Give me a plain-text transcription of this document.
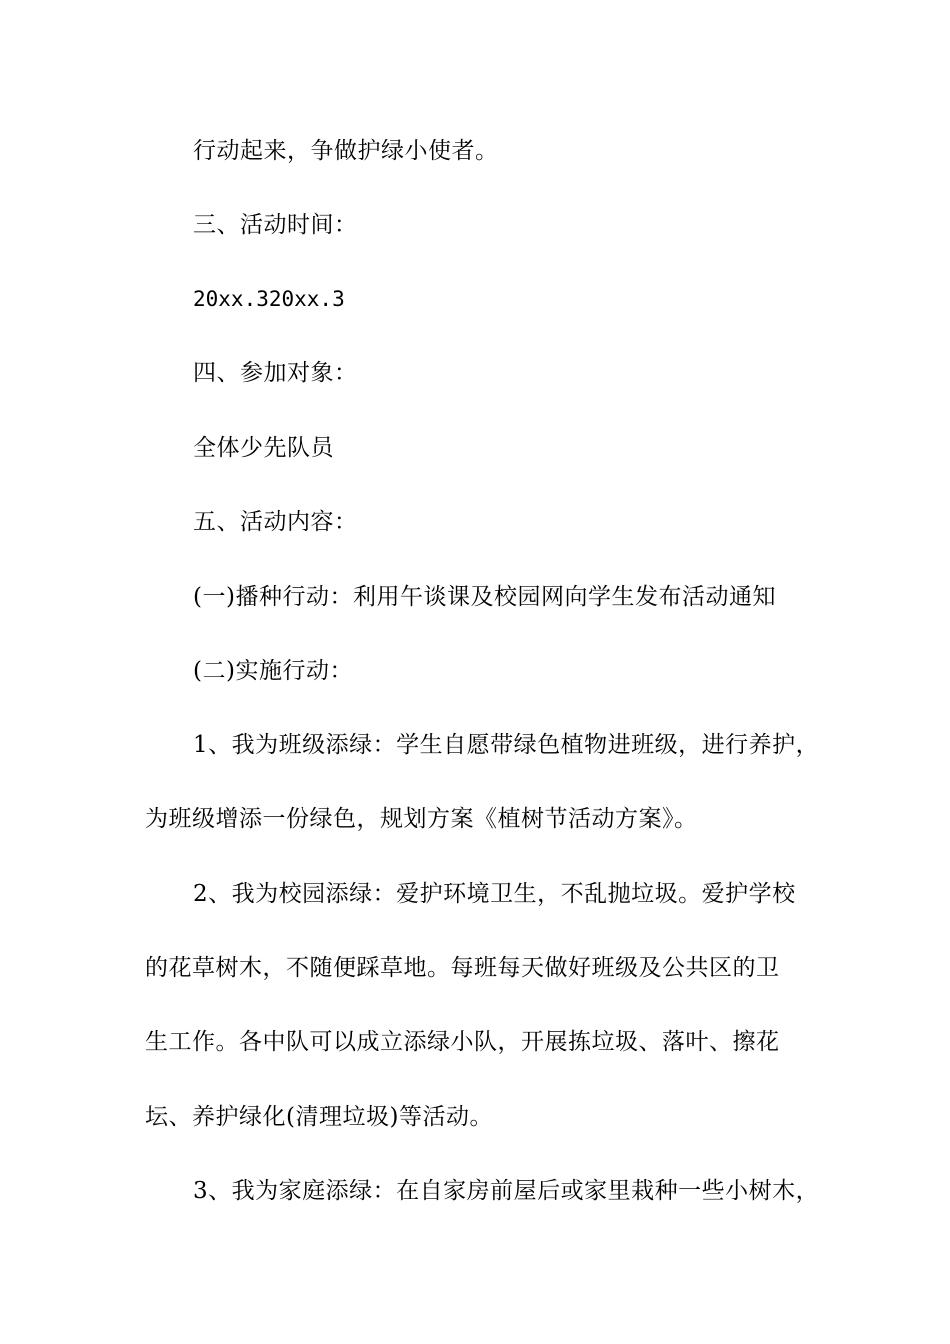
行动起来，争做护绿小使者。
三、活动时间：
20xx.320xx.3
四、参加对象：
全体少先队员
五、活动内容：
(一)播种行动：利用午谈课及校园网向学生发布活动通知
(二)实施行动：
1、我为班级添绿：学生自愿带绿色植物进班级，进行养护，
为班级增添一份绿色，规划方案《植树节活动方案》。
2、我为校园添绿：爱护环境卫生，不乱抛垃圾。爱护学校
的花草树木，不随便踩草地。每班每天做好班级及公共区的卫
生工作。各中队可以成立添绿小队，开展拣垃圾、落叶、擦花
坛、养护绿化(清理垃圾)等活动。
3、我为家庭添绿：在自家房前屋后或家里栽种一些小树木，
